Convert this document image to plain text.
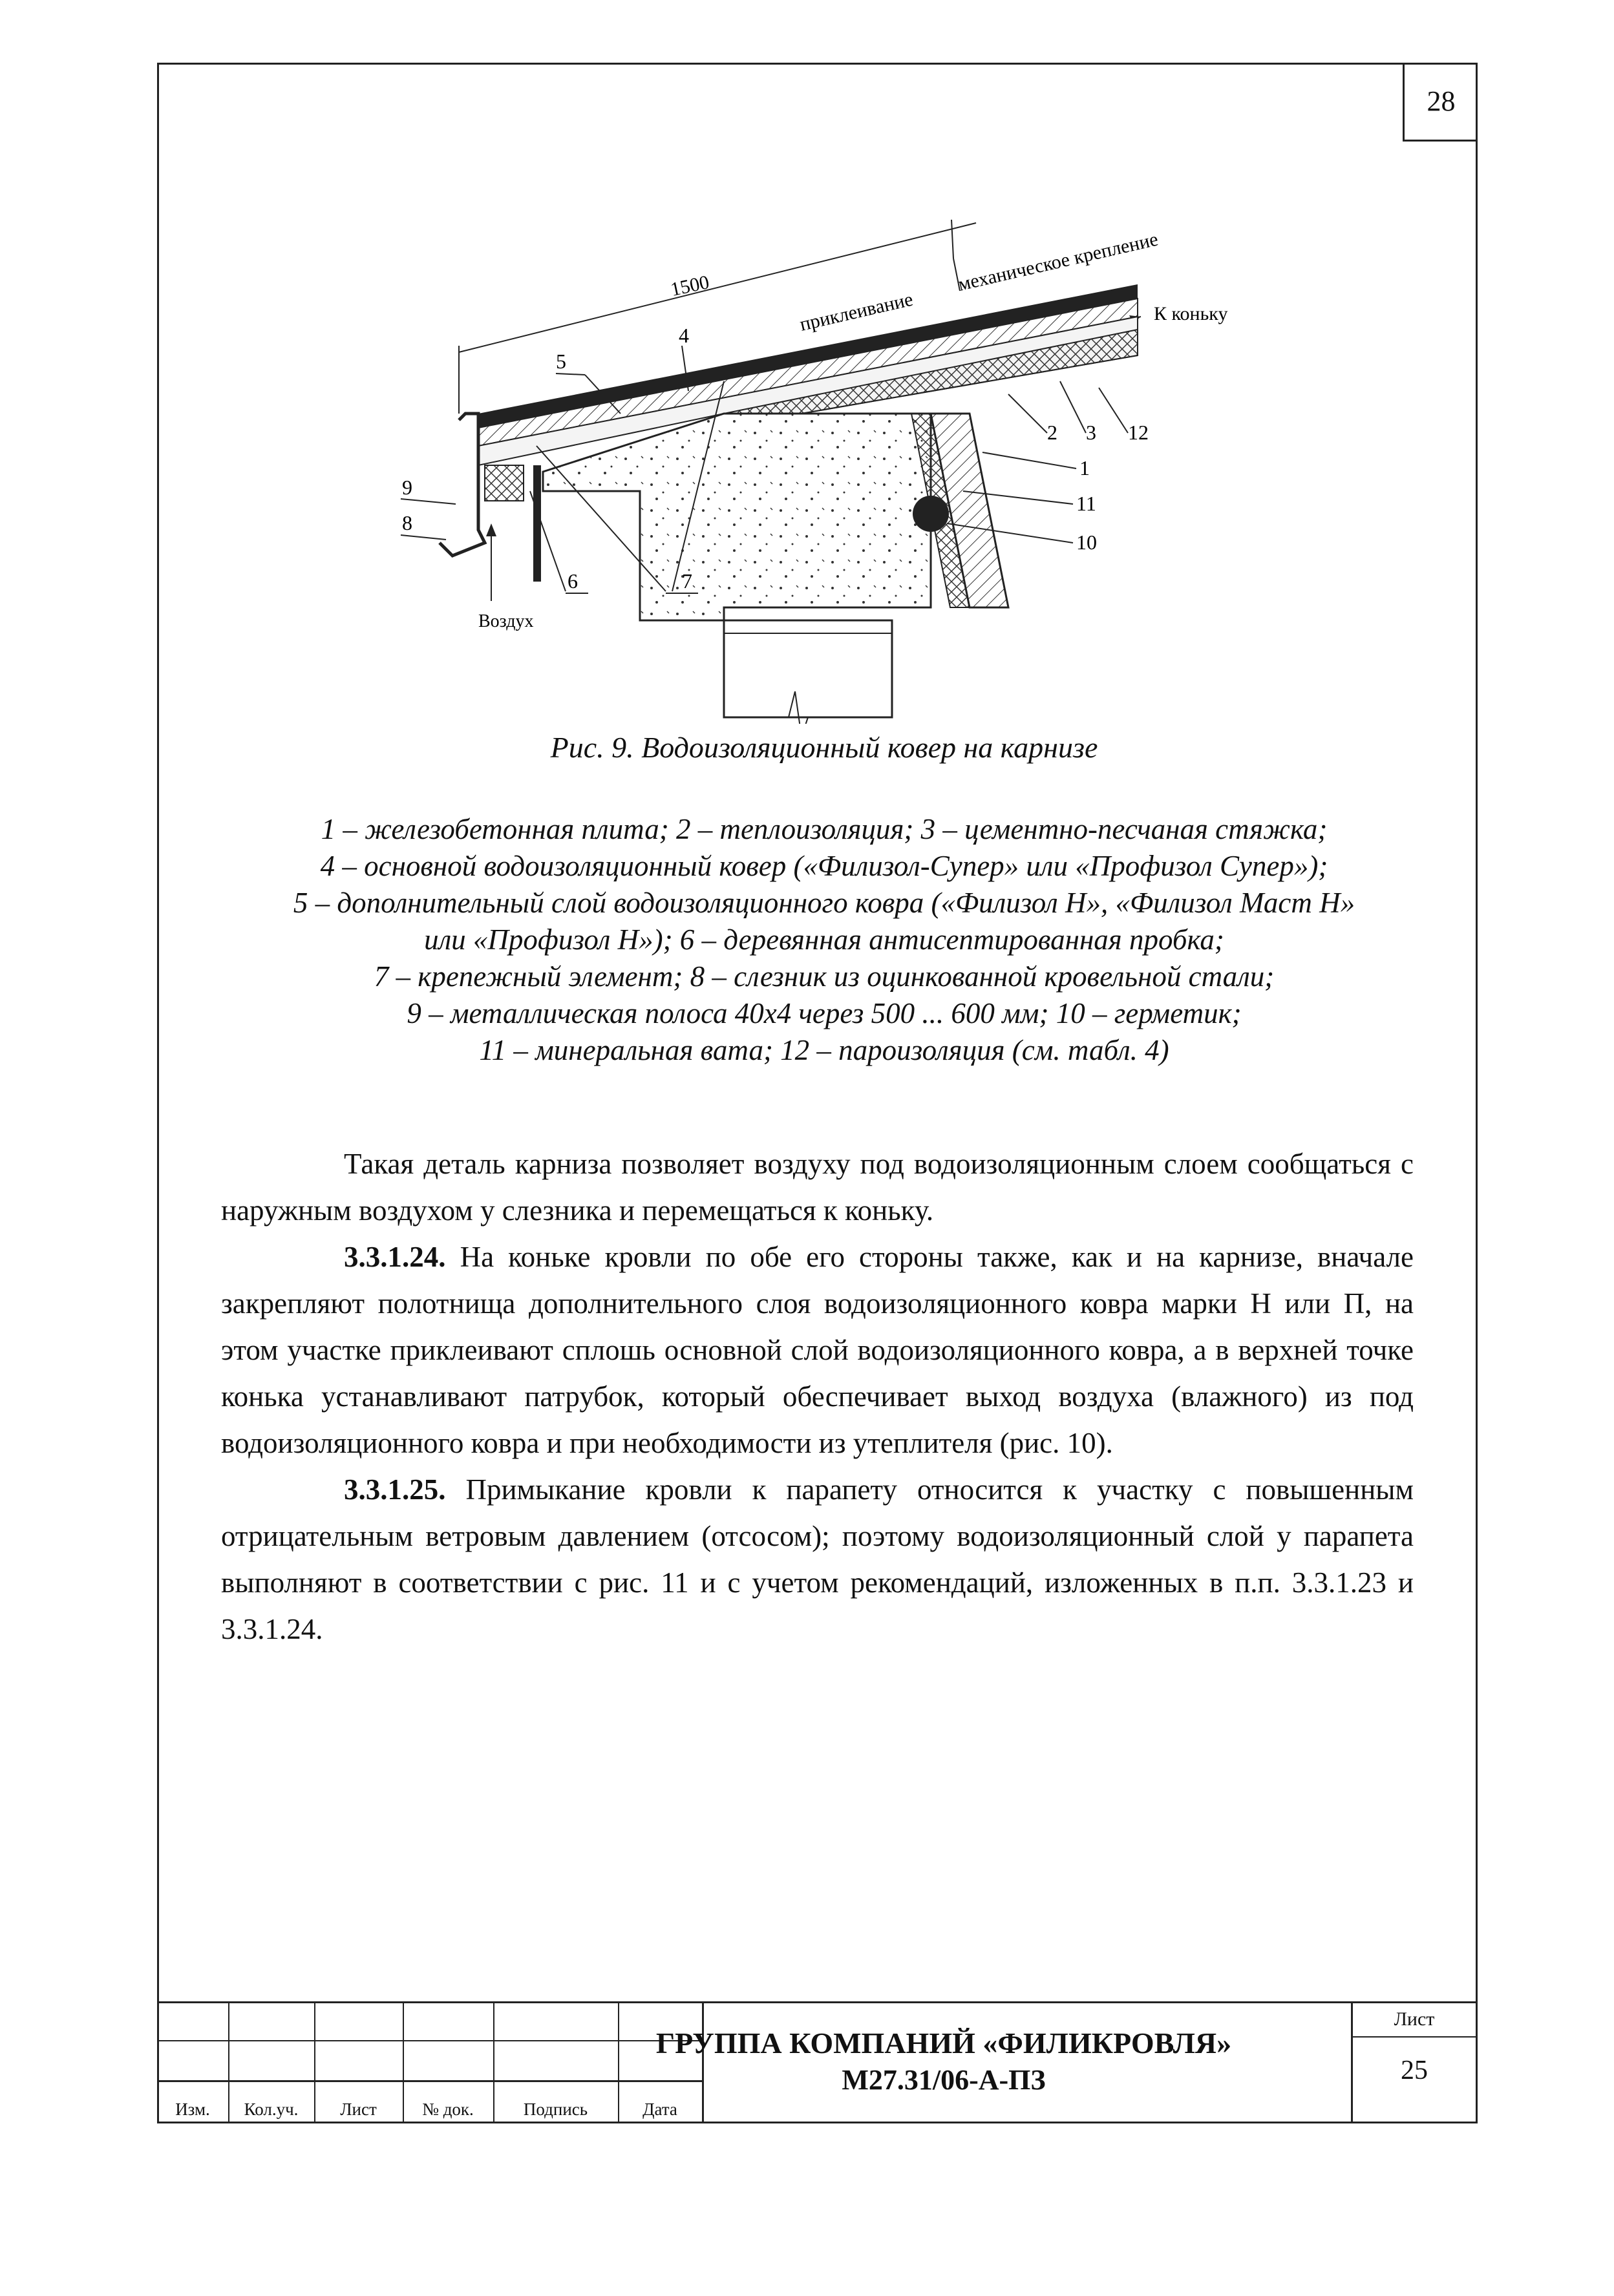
28
1500
приклеивание
механическое крепление
К коньку
1
2 3 12
11
10
4
5
9
8
6	7
Воздух
Рис. 9. Водоизоляционный ковер на карнизе
1 – железобетонная плита; 2 – теплоизоляция; 3 – цементно-песчаная стяжка;
4 – основной водоизоляционный ковер («Филизол-Супер» или «Профизол Супер»);
5 – дополнительный слой водоизоляционного ковра («Филизол Н», «Филизол Маст Н»
или «Профизол Н»); 6 – деревянная антисептированная пробка;
7 – крепежный элемент; 8 – слезник из оцинкованной кровельной стали;
9 – металлическая полоса 40х4 через 500 ... 600 мм; 10 – герметик;
11 – минеральная вата; 12 – пароизоляция (см. табл. 4)

Такая деталь карниза позволяет воздуху под водоизоляционным слоем сообщаться с наружным воздухом у слезника и перемещаться к коньку.

3.3.1.24. На коньке кровли по обе его стороны также, как и на карнизе, вначале закрепляют полотнища дополнительного слоя водоизоляционного ковра марки Н или П, на этом участке приклеивают сплошь основной слой водоизоляционного ковра, а в верхней точке конька устанавливают патрубок, который обеспечивает выход воздуха (влажного) из под водоизоляционного ковра и при необходимости из утеплителя (рис. 10).

3.3.1.25. Примыкание кровли к парапету относится к участку с повышенным отрицательным ветровым давлением (отсосом); поэтому водоизоляционный слой у парапета выполняют в соответствии с рис. 11 и с учетом рекомендаций, изложенных в п.п. 3.3.1.23 и 3.3.1.24.

Изм.	Кол.уч.	Лист	№ док.	Подпись	Дата
ГРУППА КОМПАНИЙ «ФИЛИКРОВЛЯ»
М27.31/06-А-ПЗ
Лист
25
